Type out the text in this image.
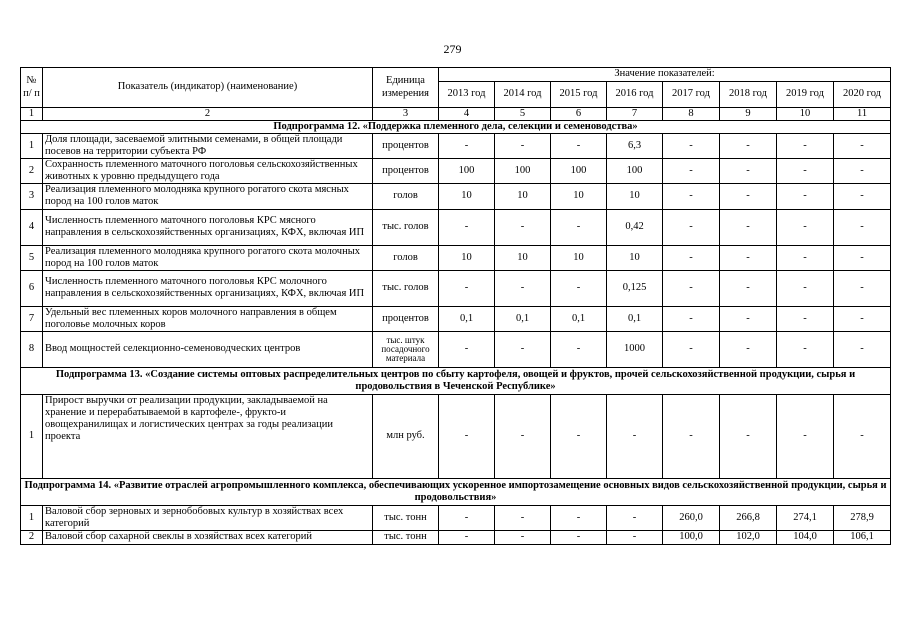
279
№ п/ п	Показатель (индикатор) (наименование)	Единица измерения	Значение показателей:							
			2013 год	2014 год	2015 год	2016 год	2017 год	2018 год	2019 год	2020 год
1	2	3	4	5	6	7	8	9	10	11
Подпрограмма 12. «Поддержка племенного дела, селекции и семеноводства»										
1	Доля площади, засеваемой элитными семенами, в общей площади посевов на территории субъекта РФ	процентов	-	-	-	6,3	-	-	-	-
2	Сохранность племенного маточного поголовья сельскохозяйственных животных к уровню предыдущего года	процентов	100	100	100	100	-	-	-	-
3	Реализация племенного молодняка крупного рогатого скота мясных пород на 100 голов маток	голов	10	10	10	10	-	-	-	-
4	Численность племенного маточного поголовья КРС мясного направления в сельскохозяйственных организациях, КФХ, включая ИП	тыс. голов	-	-	-	0,42	-	-	-	-
5	Реализация племенного молодняка крупного рогатого скота молочных пород на 100 голов маток	голов	10	10	10	10	-	-	-	-
6	Численность племенного маточного поголовья КРС молочного направления в сельскохозяйственных организациях, КФХ, включая ИП	тыс. голов	-	-	-	0,125	-	-	-	-
7	Удельный вес племенных коров молочного направления в общем поголовье молочных коров	процентов	0,1	0,1	0,1	0,1	-	-	-	-
8	Ввод мощностей селекционно-семеноводческих центров	тыс. штук посадочного материала	-	-	-	1000	-	-	-	-
Подпрограмма 13. «Создание системы оптовых распределительных центров по сбыту картофеля, овощей и фруктов, прочей сельскохозяйственной продукции, сырья и продовольствия в Чеченской Республике»										
1	Прирост выручки от реализации продукции, закладываемой на хранение и перерабатываемой в картофеле-, фрукто-и овощехранилищах и логистических центрах за годы реализации проекта	млн руб.	-	-	-	-	-	-	-	-
Подпрограмма 14. «Развитие отраслей агропромышленного комплекса, обеспечивающих ускоренное импортозамещение основных видов сельскохозяйственной продукции, сырья и продовольствия»										
1	Валовой сбор зерновых и зернобобовых культур в хозяйствах всех категорий	тыс. тонн	-	-	-	-	260,0	266,8	274,1	278,9
2	Валовой сбор сахарной свеклы в хозяйствах всех категорий	тыс. тонн	-	-	-	-	100,0	102,0	104,0	106,1
